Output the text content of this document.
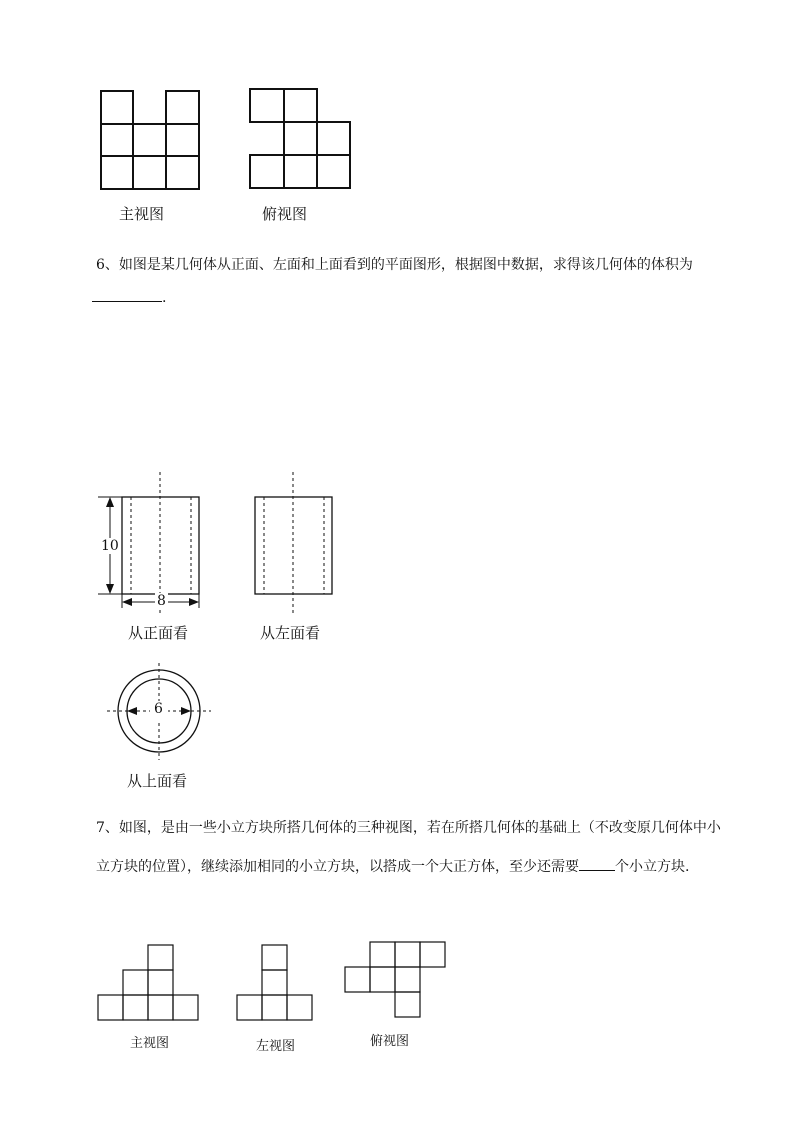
主视图	俯视图
6、如图是某几何体从正面、左面和上面看到的平面图形，根据图中数据，求得该几何体的体积为
.
10
8
6
从正面看	从左面看
从上面看
7、如图，是由一些小立方块所搭几何体的三种视图，若在所搭几何体的基础上（不改变原几何体中小
立方块的位置），继续添加相同的小立方块，以搭成一个大正方体，至少还需要	个小立方块.
主视图	左视图	俯视图
